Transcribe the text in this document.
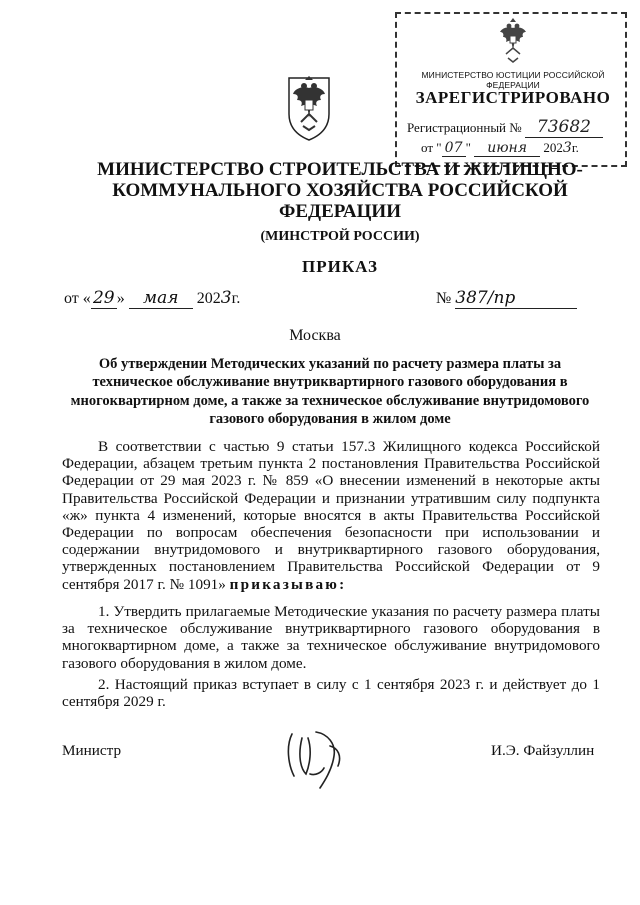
МИНИСТЕРСТВО ЮСТИЦИИ РОССИЙСКОЙ ФЕДЕРАЦИИ
ЗАРЕГИСТРИРОВАНО
Регистрационный № 73682
от " 07 " июня 2023г.
МИНИСТЕРСТВО СТРОИТЕЛЬСТВА И ЖИЛИЩНО-КОММУНАЛЬНОГО ХОЗЯЙСТВА РОССИЙСКОЙ ФЕДЕРАЦИИ
(МИНСТРОЙ РОССИИ)
ПРИКАЗ
от « 29 » мая 2023г.	№ 387/пр
Москва
Об утверждении Методических указаний по расчету размера платы за техническое обслуживание внутриквартирного газового оборудования в многоквартирном доме, а также за техническое обслуживание внутридомового газового оборудования в жилом доме
В соответствии с частью 9 статьи 157.3 Жилищного кодекса Российской Федерации, абзацем третьим пункта 2 постановления Правительства Российской Федерации от 29 мая 2023 г. № 859 «О внесении изменений в некоторые акты Правительства Российской Федерации и признании утратившим силу подпункта «ж» пункта 4 изменений, которые вносятся в акты Правительства Российской Федерации по вопросам обеспечения безопасности при использовании и содержании внутридомового и внутриквартирного газового оборудования, утвержденных постановлением Правительства Российской Федерации от 9 сентября 2017 г. № 1091» приказываю:
1. Утвердить прилагаемые Методические указания по расчету размера платы за техническое обслуживание внутриквартирного газового оборудования в многоквартирном доме, а также за техническое обслуживание внутридомового газового оборудования в жилом доме.
2. Настоящий приказ вступает в силу с 1 сентября 2023 г. и действует до 1 сентября 2029 г.
Министр	И.Э. Файзуллин
